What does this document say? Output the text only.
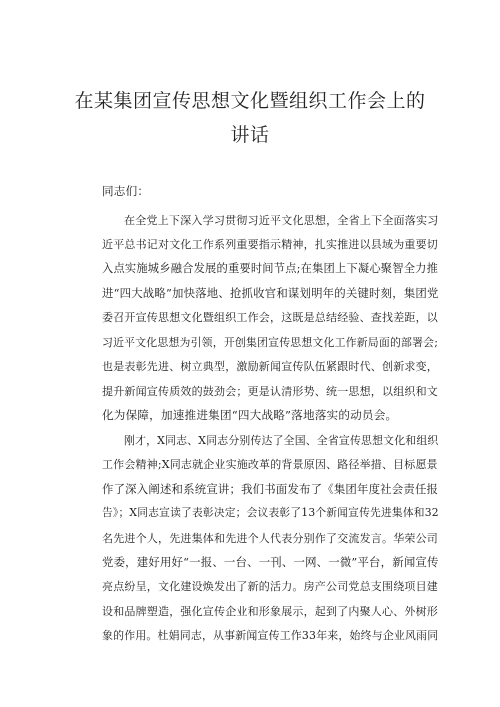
在某集团宣传思想文化暨组织工作会上的
讲话
同志们：
在全党上下深入学习贯彻习近平文化思想，全省上下全面落实习
近平总书记对文化工作系列重要指示精神，扎实推进以县域为重要切
入点实施城乡融合发展的重要时间节点;在集团上下凝心聚智全力推
进“四大战略”加快落地、抢抓收官和谋划明年的关键时刻，集团党
委召开宣传思想文化暨组织工作会，这既是总结经验、查找差距，以
习近平文化思想为引领，开创集团宣传思想文化工作新局面的部署会;
也是表彰先进、树立典型，激励新闻宣传队伍紧跟时代、创新求变，
提升新闻宣传质效的鼓劲会；更是认清形势、统一思想，以组织和文
化为保障，加速推进集团“四大战略”落地落实的动员会。
刚才，X同志、X同志分别传达了全国、全省宣传思想文化和组织
工作会精神;X同志就企业实施改革的背景原因、路径举措、目标愿景
作了深入阐述和系统宣讲；我们书面发布了《集团年度社会责任报
告》；X同志宣读了表彰决定；会议表彰了13个新闻宣传先进集体和32
名先进个人，先进集体和先进个人代表分别作了交流发言。华荣公司
党委，建好用好“一报、一台、一刊、一网、一微”平台，新闻宣传
亮点纷呈，文化建设焕发出了新的活力。房产公司党总支围绕项目建
设和品牌塑造，强化宣传企业和形象展示，起到了内聚人心、外树形
象的作用。杜娟同志，从事新闻宣传工作33年来，始终与企业风雨同
